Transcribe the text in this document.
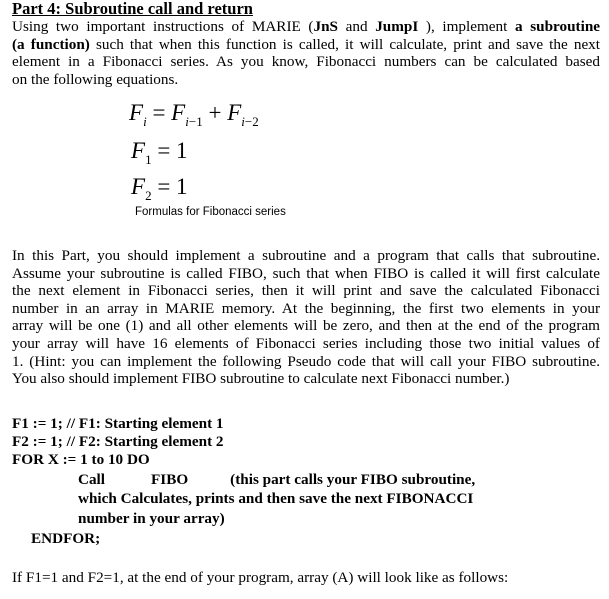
Part 4: Subroutine call and return
Using two important instructions of MARIE (JnS and JumpI ), implement a subroutine
(a function) such that when this function is called, it will calculate, print and save the next
element in a Fibonacci series. As you know, Fibonacci numbers can be calculated based
on the following equations.
$F_i = F_{i-1} + F_{i-2}$
$F_1 = 1$
$F_2 = 1$
Formulas for Fibonacci series
In this Part, you should implement a subroutine and a program that calls that subroutine.
Assume your subroutine is called FIBO, such that when FIBO is called it will first calculate
the next element in Fibonacci series, then it will print and save the calculated Fibonacci
number in an array in MARIE memory. At the beginning, the first two elements in your
array will be one (1) and all other elements will be zero, and then at the end of the program
your array will have 16 elements of Fibonacci series including those two initial values of
1. (Hint: you can implement the following Pseudo code that will call your FIBO subroutine.
You also should implement FIBO subroutine to calculate next Fibonacci number.)
F1 := 1; // F1: Starting element 1
F2 := 1; // F2: Starting element 2
FOR X := 1 to 10 DO
Call	FIBO	(this part calls your FIBO subroutine,
which Calculates, prints and then save the next FIBONACCI
number in your array)
ENDFOR;
If F1=1 and F2=1, at the end of your program, array (A) will look like as follows:
